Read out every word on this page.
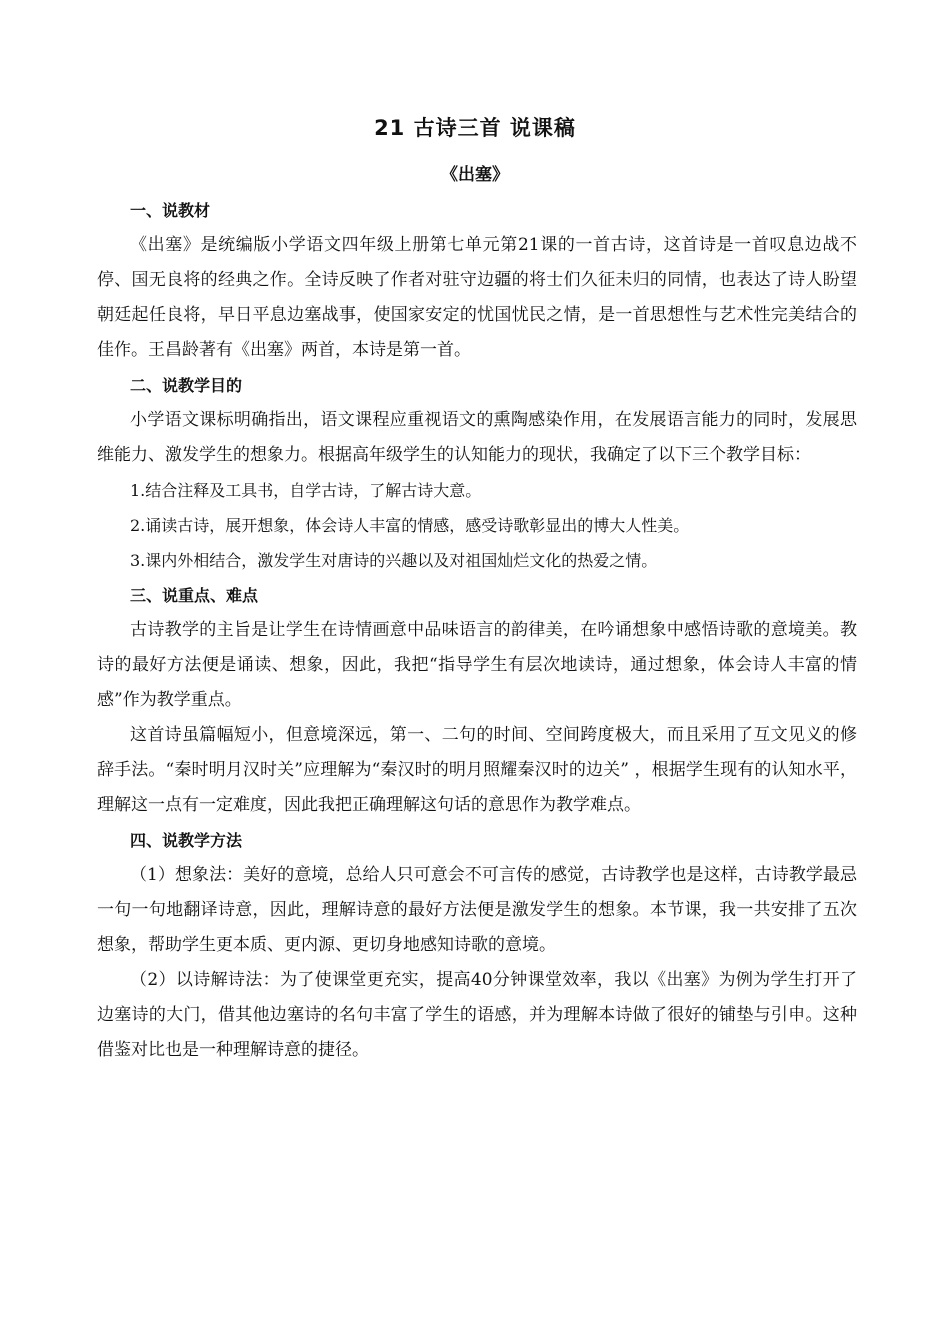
21 古诗三首 说课稿
《出塞》
一、说教材

《出塞》是统编版小学语文四年级上册第七单元第21课的一首古诗，这首诗是一首叹息边战不停、国无良将的经典之作。全诗反映了作者对驻守边疆的将士们久征未归的同情，也表达了诗人盼望朝廷起任良将，早日平息边塞战事，使国家安定的忧国忧民之情，是一首思想性与艺术性完美结合的佳作。王昌龄著有《出塞》两首，本诗是第一首。

二、说教学目的

小学语文课标明确指出，语文课程应重视语文的熏陶感染作用，在发展语言能力的同时，发展思维能力、激发学生的想象力。根据高年级学生的认知能力的现状，我确定了以下三个教学目标：

1.结合注释及工具书，自学古诗，了解古诗大意。
2.诵读古诗，展开想象，体会诗人丰富的情感，感受诗歌彰显出的博大人性美。
3.课内外相结合，激发学生对唐诗的兴趣以及对祖国灿烂文化的热爱之情。
三、说重点、难点

古诗教学的主旨是让学生在诗情画意中品味语言的韵律美，在吟诵想象中感悟诗歌的意境美。教诗的最好方法便是诵读、想象，因此，我把“指导学生有层次地读诗，通过想象，体会诗人丰富的情感”作为教学重点。

这首诗虽篇幅短小，但意境深远，第一、二句的时间、空间跨度极大，而且采用了互文见义的修辞手法。“秦时明月汉时关”应理解为“秦汉时的明月照耀秦汉时的边关” ，根据学生现有的认知水平，理解这一点有一定难度，因此我把正确理解这句话的意思作为教学难点。

四、说教学方法

（1）想象法：美好的意境，总给人只可意会不可言传的感觉，古诗教学也是这样，古诗教学最忌一句一句地翻译诗意，因此，理解诗意的最好方法便是激发学生的想象。本节课，我一共安排了五次想象，帮助学生更本质、更内源、更切身地感知诗歌的意境。

（2）以诗解诗法：为了使课堂更充实，提高40分钟课堂效率，我以《出塞》为例为学生打开了边塞诗的大门，借其他边塞诗的名句丰富了学生的语感，并为理解本诗做了很好的铺垫与引申。这种借鉴对比也是一种理解诗意的捷径。
